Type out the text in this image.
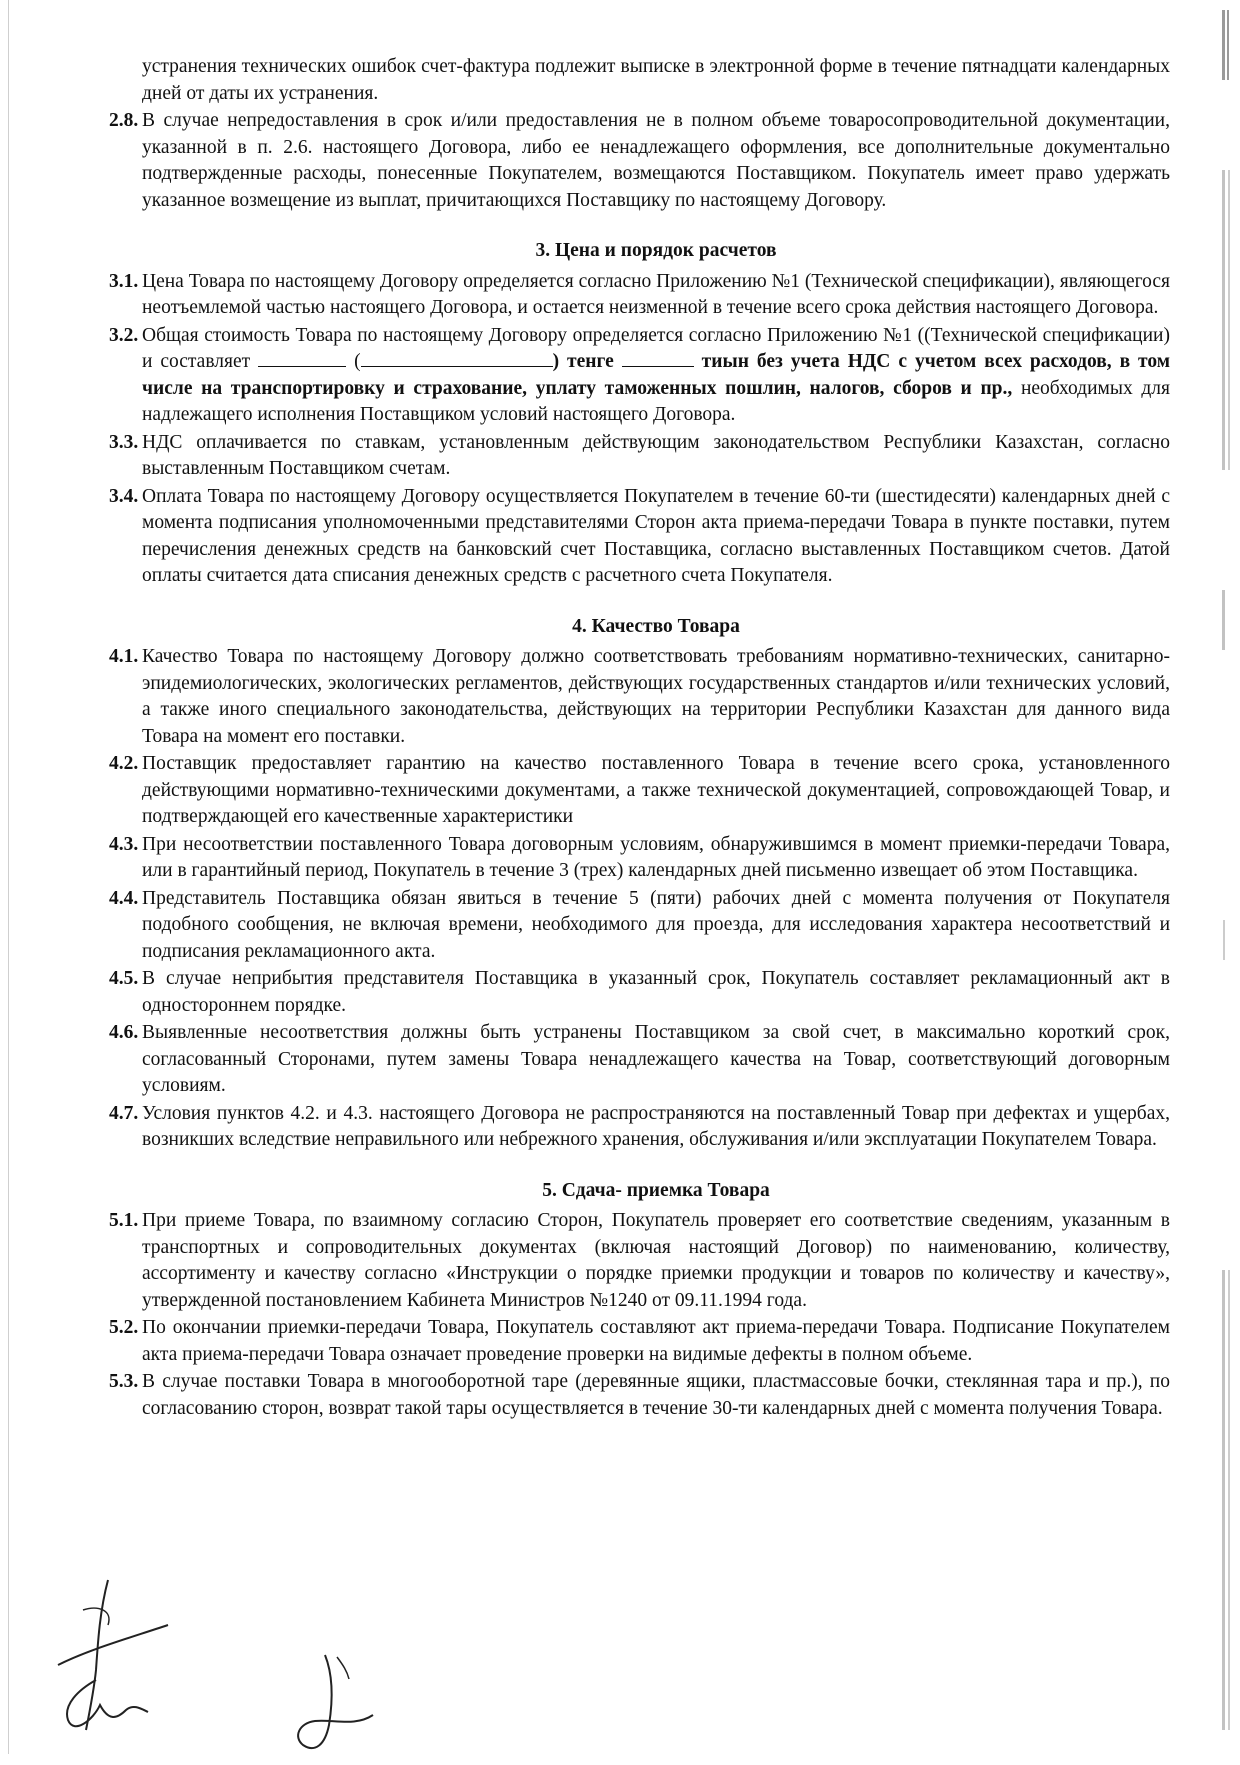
устранения технических ошибок счет-фактура подлежит выписке в электронной форме в течение пятнадцати календарных дней от даты их устранения.

2.8. В случае непредоставления в срок и/или предоставления не в полном объеме товаросопроводительной документации, указанной в п. 2.6. настоящего Договора, либо ее ненадлежащего оформления, все дополнительные документально подтвержденные расходы, понесенные Покупателем, возмещаются Поставщиком. Покупатель имеет право удержать указанное возмещение из выплат, причитающихся Поставщику по настоящему Договору.
3. Цена и порядок расчетов
3.1. Цена Товара по настоящему Договору определяется согласно Приложению №1 (Технической спецификации), являющегося неотъемлемой частью настоящего Договора, и остается неизменной в течение всего срока действия настоящего Договора.
3.2. Общая стоимость Товара по настоящему Договору определяется согласно Приложению №1 ((Технической спецификации) и составляет	(	) тенге	тиын без учета НДС с учетом всех расходов, в том числе на транспортировку и страхование, уплату таможенных пошлин, налогов, сборов и пр., необходимых для надлежащего исполнения Поставщиком условий настоящего Договора.
3.3. НДС оплачивается по ставкам, установленным действующим законодательством Республики Казахстан, согласно выставленным Поставщиком счетам.
3.4. Оплата Товара по настоящему Договору осуществляется Покупателем в течение 60-ти (шестидесяти) календарных дней с момента подписания уполномоченными представителями Сторон акта приема-передачи Товара в пункте поставки, путем перечисления денежных средств на банковский счет Поставщика, согласно выставленных Поставщиком счетов. Датой оплаты считается дата списания денежных средств с расчетного счета Покупателя.
4. Качество Товара
4.1. Качество Товара по настоящему Договору должно соответствовать требованиям нормативно-технических, санитарно-эпидемиологических, экологических регламентов, действующих государственных стандартов и/или технических условий, а также иного специального законодательства, действующих на территории Республики Казахстан для данного вида Товара на момент его поставки.
4.2. Поставщик предоставляет гарантию на качество поставленного Товара в течение всего срока, установленного действующими нормативно-техническими документами, а также технической документацией, сопровождающей Товар, и подтверждающей его качественные характеристики
4.3. При несоответствии поставленного Товара договорным условиям, обнаружившимся в момент приемки-передачи Товара, или в гарантийный период, Покупатель в течение 3 (трех) календарных дней письменно извещает об этом Поставщика.
4.4. Представитель Поставщика обязан явиться в течение 5 (пяти) рабочих дней с момента получения от Покупателя подобного сообщения, не включая времени, необходимого для проезда, для исследования характера несоответствий и подписания рекламационного акта.
4.5. В случае неприбытия представителя Поставщика в указанный срок, Покупатель составляет рекламационный акт в одностороннем порядке.
4.6. Выявленные несоответствия должны быть устранены Поставщиком за свой счет, в максимально короткий срок, согласованный Сторонами, путем замены Товара ненадлежащего качества на Товар, соответствующий договорным условиям.
4.7. Условия пунктов 4.2. и 4.3. настоящего Договора не распространяются на поставленный Товар при дефектах и ущербах, возникших вследствие неправильного или небрежного хранения, обслуживания и/или эксплуатации Покупателем Товара.
5. Сдача- приемка Товара
5.1. При приеме Товара, по взаимному согласию Сторон, Покупатель проверяет его соответствие сведениям, указанным в транспортных и сопроводительных документах (включая настоящий Договор) по наименованию, количеству, ассортименту и качеству согласно «Инструкции о порядке приемки продукции и товаров по количеству и качеству», утвержденной постановлением Кабинета Министров №1240 от 09.11.1994 года.
5.2. По окончании приемки-передачи Товара, Покупатель составляют акт приема-передачи Товара. Подписание Покупателем акта приема-передачи Товара означает проведение проверки на видимые дефекты в полном объеме.
5.3. В случае поставки Товара в многооборотной таре (деревянные ящики, пластмассовые бочки, стеклянная тара и пр.), по согласованию сторон, возврат такой тары осуществляется в течение 30-ти календарных дней с момента получения Товара.
